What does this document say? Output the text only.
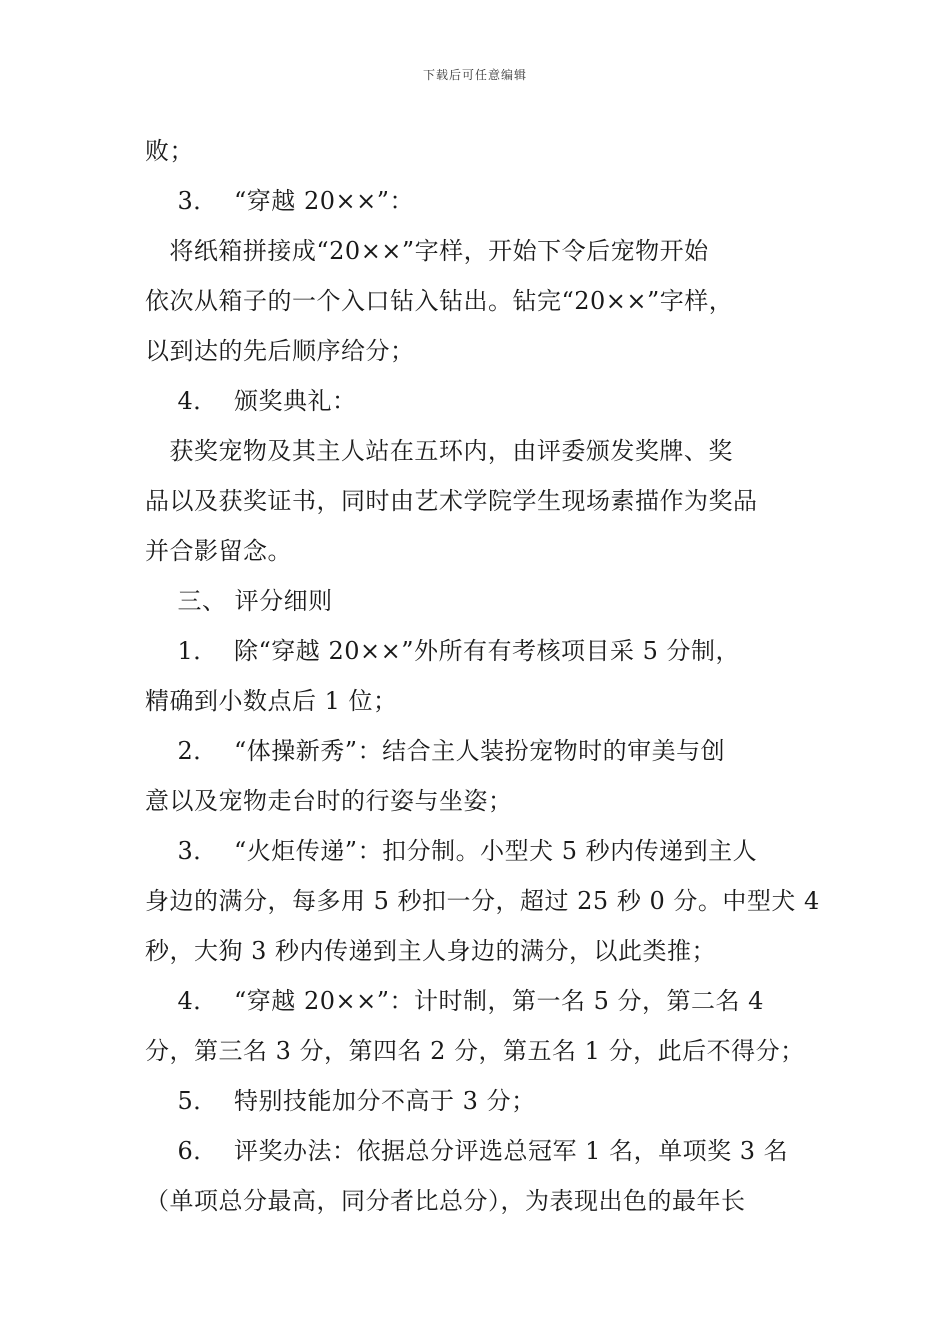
下载后可任意编辑
败；
3．  “穿越 20××”：
将纸箱拼接成“20××”字样，开始下令后宠物开始
依次从箱子的一个入口钻入钻出。钻完“20××”字样，
以到达的先后顺序给分；
4．  颁奖典礼：
获奖宠物及其主人站在五环内，由评委颁发奖牌、奖
品以及获奖证书，同时由艺术学院学生现场素描作为奖品
并合影留念。
三、 评分细则
1．  除“穿越 20××”外所有有考核项目采 5 分制，
精确到小数点后 1 位；
2．  “体操新秀”：结合主人装扮宠物时的审美与创
意以及宠物走台时的行姿与坐姿；
3．  “火炬传递”：扣分制。小型犬 5 秒内传递到主人
身边的满分，每多用 5 秒扣一分，超过 25 秒 0 分。中型犬 4
秒，大狗 3 秒内传递到主人身边的满分，以此类推；
4．  “穿越 20××”：计时制，第一名 5 分，第二名 4
分，第三名 3 分，第四名 2 分，第五名 1 分，此后不得分；
5．  特别技能加分不高于 3 分；
6．  评奖办法：依据总分评选总冠军 1 名，单项奖 3 名
（单项总分最高，同分者比总分），为表现出色的最年长
